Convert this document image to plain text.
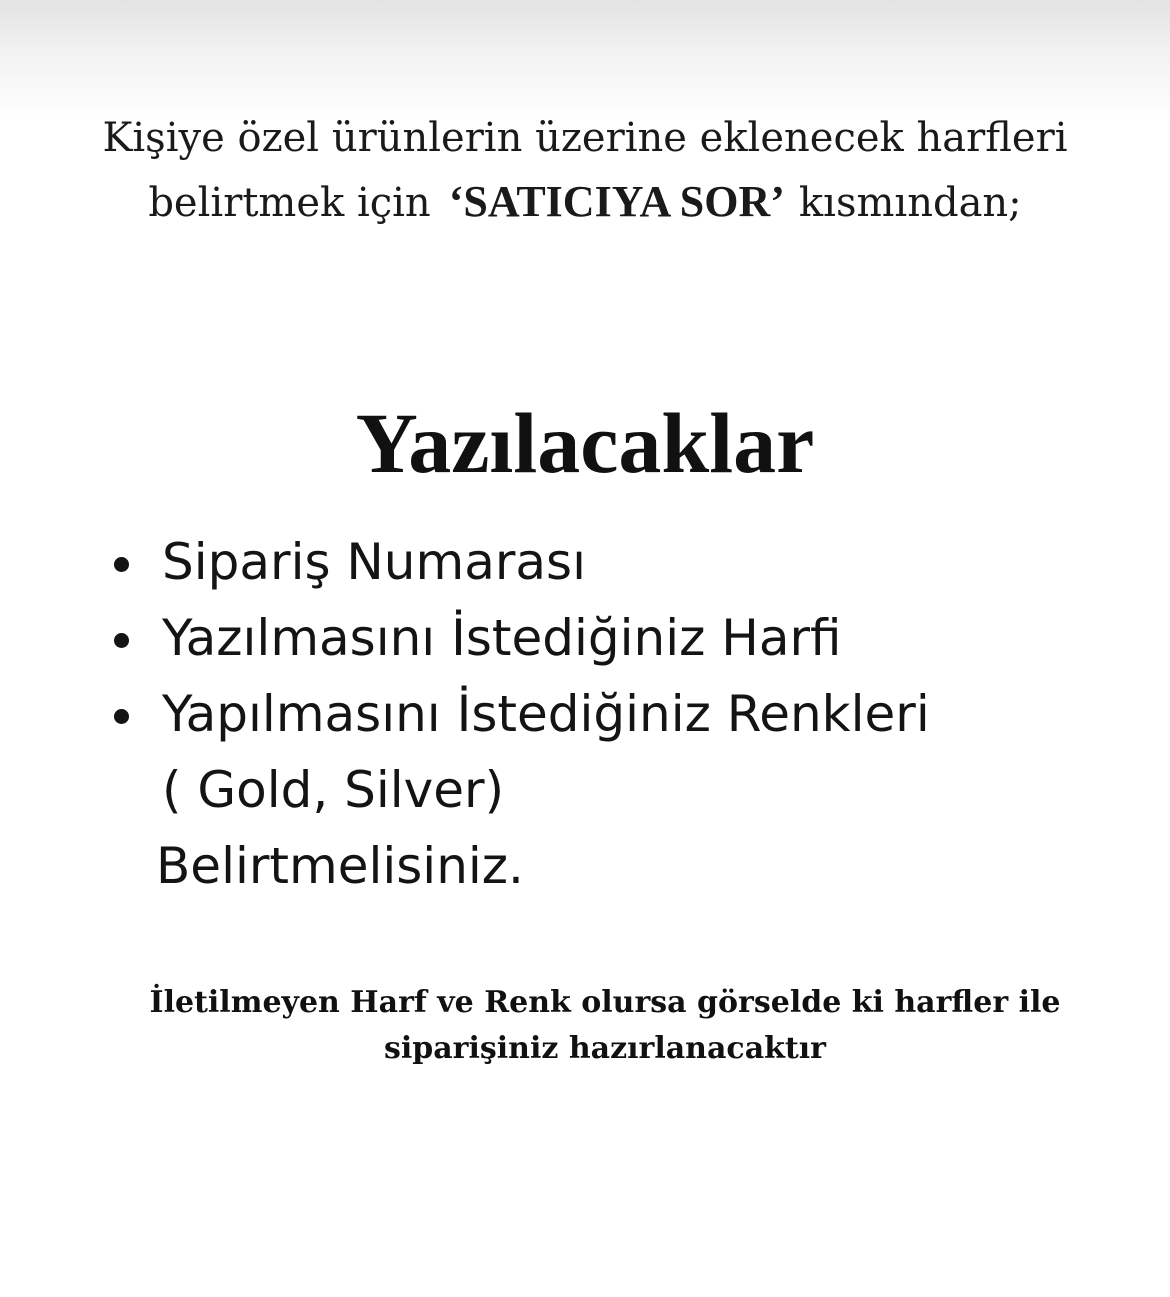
Kişiye özel ürünlerin üzerine eklenecek harfleri
belirtmek için ‘SATICIYA SOR’ kısmından;
Yazılacaklar
Sipariş Numarası
Yazılmasını İstediğiniz Harfi
Yapılmasını İstediğiniz Renkleri
( Gold, Silver)
Belirtmelisiniz.
İletilmeyen Harf ve Renk olursa görselde ki harfler ile
siparişiniz hazırlanacaktır
